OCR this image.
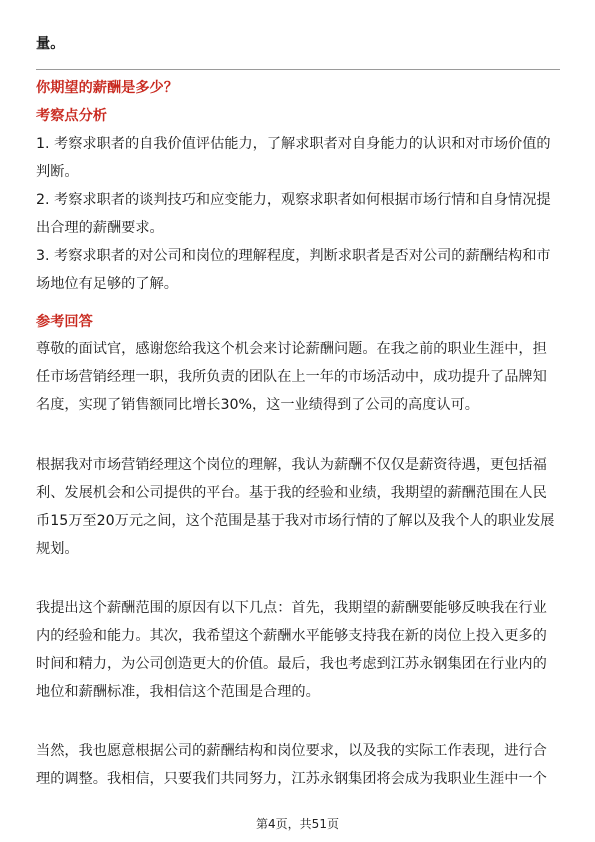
量。
你期望的薪酬是多少？
考察点分析
1. 考察求职者的自我价值评估能力，了解求职者对自身能力的认识和对市场价值的
判断。
2. 考察求职者的谈判技巧和应变能力，观察求职者如何根据市场行情和自身情况提
出合理的薪酬要求。
3. 考察求职者的对公司和岗位的理解程度，判断求职者是否对公司的薪酬结构和市
场地位有足够的了解。
参考回答
尊敬的面试官，感谢您给我这个机会来讨论薪酬问题。在我之前的职业生涯中，担
任市场营销经理一职，我所负责的团队在上一年的市场活动中，成功提升了品牌知
名度，实现了销售额同比增长30%，这一业绩得到了公司的高度认可。
根据我对市场营销经理这个岗位的理解，我认为薪酬不仅仅是薪资待遇，更包括福
利、发展机会和公司提供的平台。基于我的经验和业绩，我期望的薪酬范围在人民
币15万至20万元之间，这个范围是基于我对市场行情的了解以及我个人的职业发展
规划。
我提出这个薪酬范围的原因有以下几点：首先，我期望的薪酬要能够反映我在行业
内的经验和能力。其次，我希望这个薪酬水平能够支持我在新的岗位上投入更多的
时间和精力，为公司创造更大的价值。最后，我也考虑到江苏永钢集团在行业内的
地位和薪酬标准，我相信这个范围是合理的。
当然，我也愿意根据公司的薪酬结构和岗位要求，以及我的实际工作表现，进行合
理的调整。我相信，只要我们共同努力，江苏永钢集团将会成为我职业生涯中一个
第4页，共51页
